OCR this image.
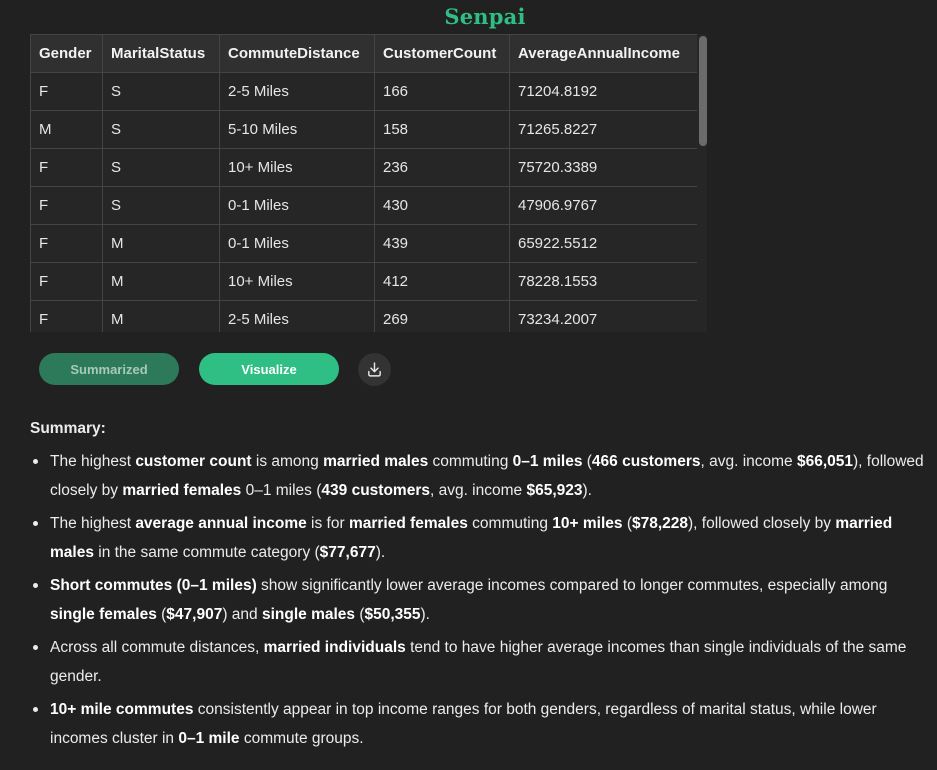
Senpai
Gender	MaritalStatus	CommuteDistance	CustomerCount	AverageAnnualIncome
F	S	2-5 Miles	166	71204.8192
M	S	5-10 Miles	158	71265.8227
F	S	10+ Miles	236	75720.3389
F	S	0-1 Miles	430	47906.9767
F	M	0-1 Miles	439	65922.5512
F	M	10+ Miles	412	78228.1553
F	M	2-5 Miles	269	73234.2007
Summarized	Visualize
Summary:
The highest customer count is among married males commuting 0–1 miles (466 customers, avg. income $66,051), followed closely by married females 0–1 miles (439 customers, avg. income $65,923).
The highest average annual income is for married females commuting 10+ miles ($78,228), followed closely by married males in the same commute category ($77,677).
Short commutes (0–1 miles) show significantly lower average incomes compared to longer commutes, especially among single females ($47,907) and single males ($50,355).
Across all commute distances, married individuals tend to have higher average incomes than single individuals of the same gender.
10+ mile commutes consistently appear in top income ranges for both genders, regardless of marital status, while lower incomes cluster in 0–1 mile commute groups.
